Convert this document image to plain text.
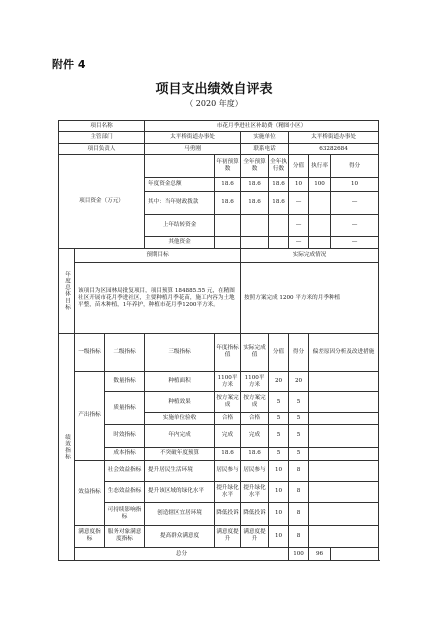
附件 4
项目支出绩效自评表
（ 2020 年度）
项目名称			市花月季进社区补助费（精图小区）						
主管部门			太平桥街道办事处		实施单位		太平桥街道办事处		
项目负责人			马勇刚		联系电话		63282684		
项目资金（万元）				年初预算数	全年预算数	全年执行数	分值	执行率	得分
			年度资金总额	18.6	18.6	18.6	10	100	10
			其中：当年财政拨款	18.6	18.6	18.6	—		—
			上年结转资金				—		—
			其他资金				—		—
年度总体目标	预期目标				实际完成情况				
	该项目为区园林局批复项目，项目预算 184885.55 元，在精图社区开展市花月季进社区，主要种植月季花苗，施工内容为土地平整，苗木种植，1年养护，种植市花月季1200平方米。				按照方案完成 1200 平方米的月季种植				
绩效指标	一级指标	二级指标	三级指标	年度指标值	实际完成值	分值	得分	偏差原因分析及改进措施	
	产出指标	数量指标	种植面积	1100平方米	1100平方米	20	20		
		质量指标	种植效果	按方案完成	按方案完成	5	5		
			实施单位验收	合格	合格	5	5		
		时效指标	年内完成	完成	完成	5	5		
		成本指标	不突破年度预算	18.6	18.6	5	5		
	效益指标	社会效益指标	提升居民生活环境	居民参与	居民参与	10	8		
		生态效益指标	提升该区域的绿化水平	提升绿化水平	提升绿化水平	10	8		
		可持续影响指标	创造辖区宜居环境	降低投诉	降低投诉	10	8		
	满意度指标	服务对象满意度指标	提高群众满意度	满意度提升	满意度提升	10	8		
	总分						100	96	
